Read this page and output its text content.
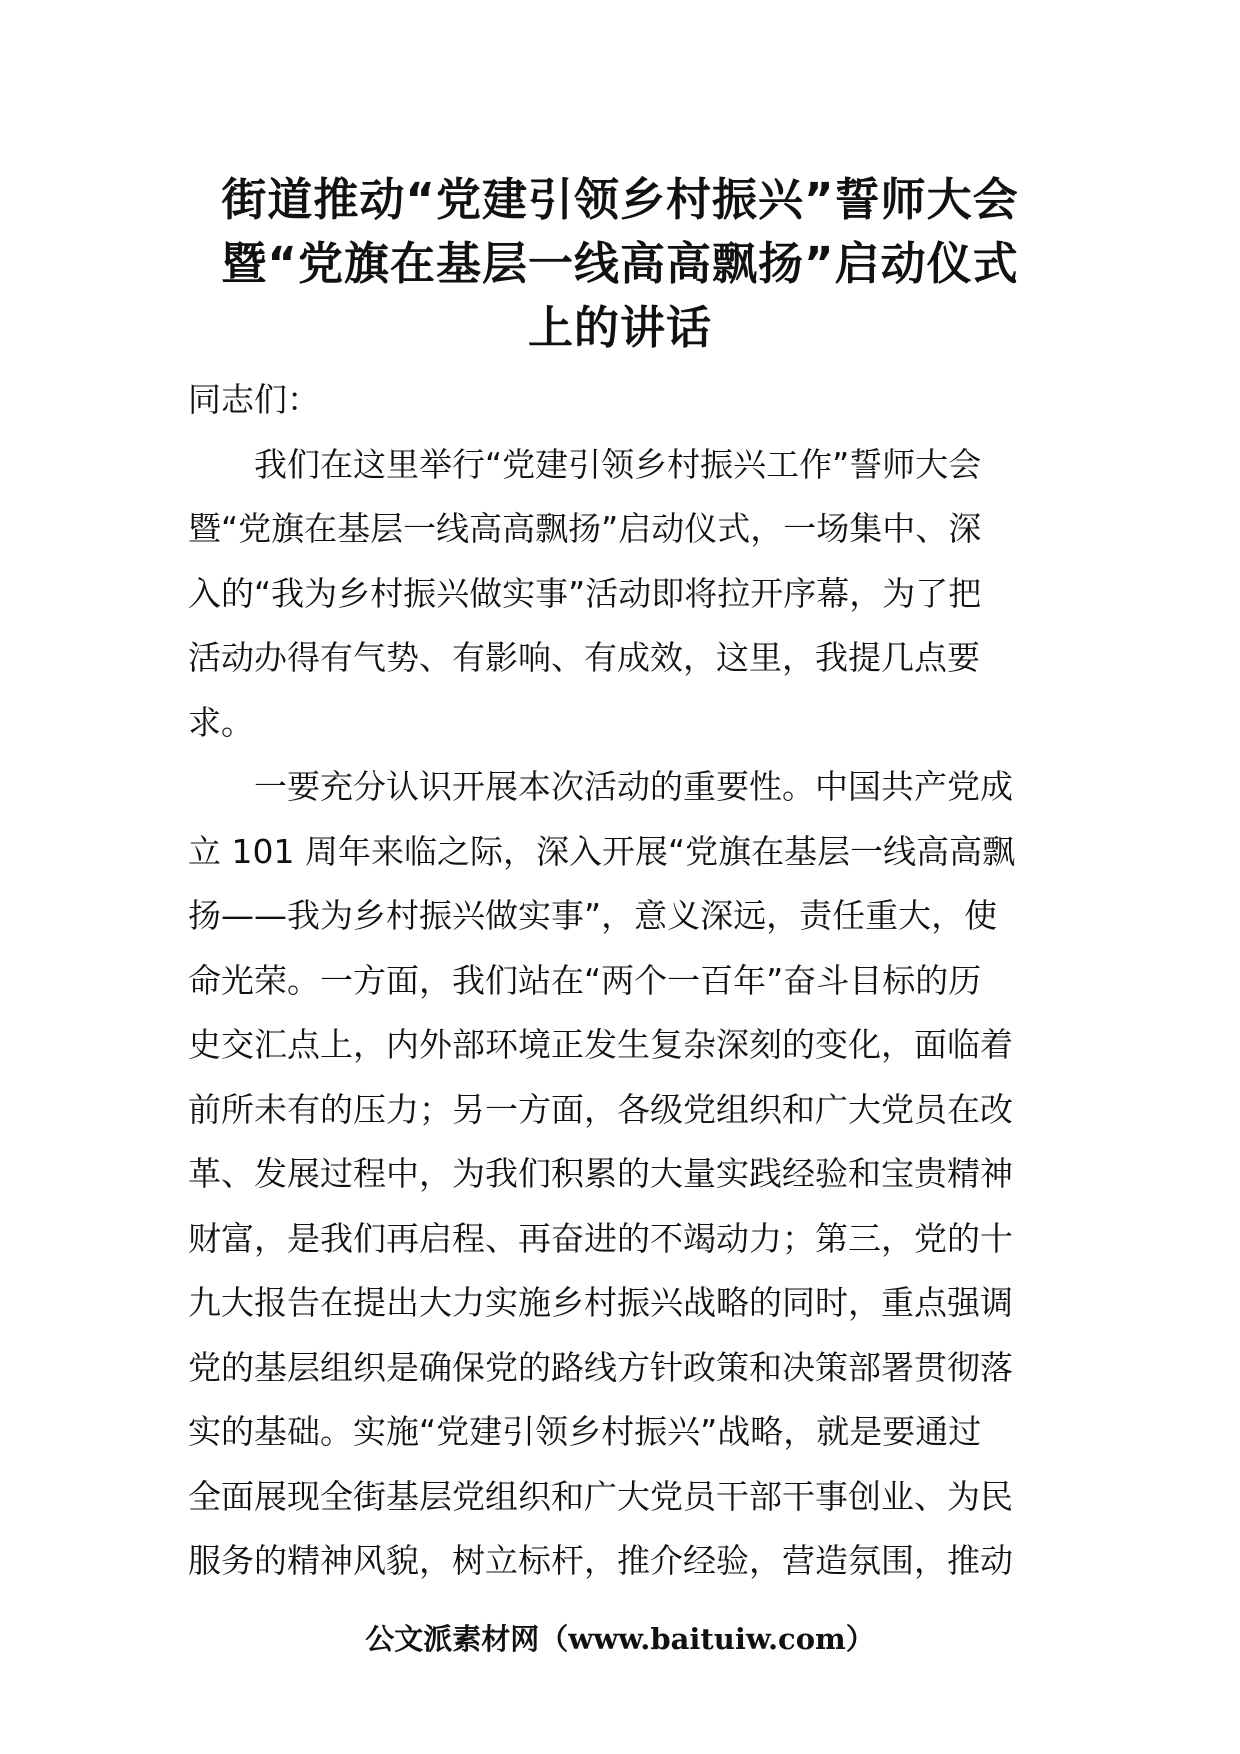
街道推动“党建引领乡村振兴”誓师大会
暨“党旗在基层一线高高飘扬”启动仪式
上的讲话

同志们：

我们在这里举行“党建引领乡村振兴工作”誓师大会
暨“党旗在基层一线高高飘扬”启动仪式，一场集中、深
入的“我为乡村振兴做实事”活动即将拉开序幕，为了把
活动办得有气势、有影响、有成效，这里，我提几点要
求。

一要充分认识开展本次活动的重要性。中国共产党成
立 101 周年来临之际，深入开展“党旗在基层一线高高飘
扬——我为乡村振兴做实事”，意义深远，责任重大，使
命光荣。一方面，我们站在“两个一百年”奋斗目标的历
史交汇点上，内外部环境正发生复杂深刻的变化，面临着
前所未有的压力；另一方面，各级党组织和广大党员在改
革、发展过程中，为我们积累的大量实践经验和宝贵精神
财富，是我们再启程、再奋进的不竭动力；第三，党的十
九大报告在提出大力实施乡村振兴战略的同时，重点强调
党的基层组织是确保党的路线方针政策和决策部署贯彻落
实的基础。实施“党建引领乡村振兴”战略，就是要通过
全面展现全街基层党组织和广大党员干部干事创业、为民
服务的精神风貌，树立标杆，推介经验，营造氛围，推动

公文派素材网（www.baituiw.com）
